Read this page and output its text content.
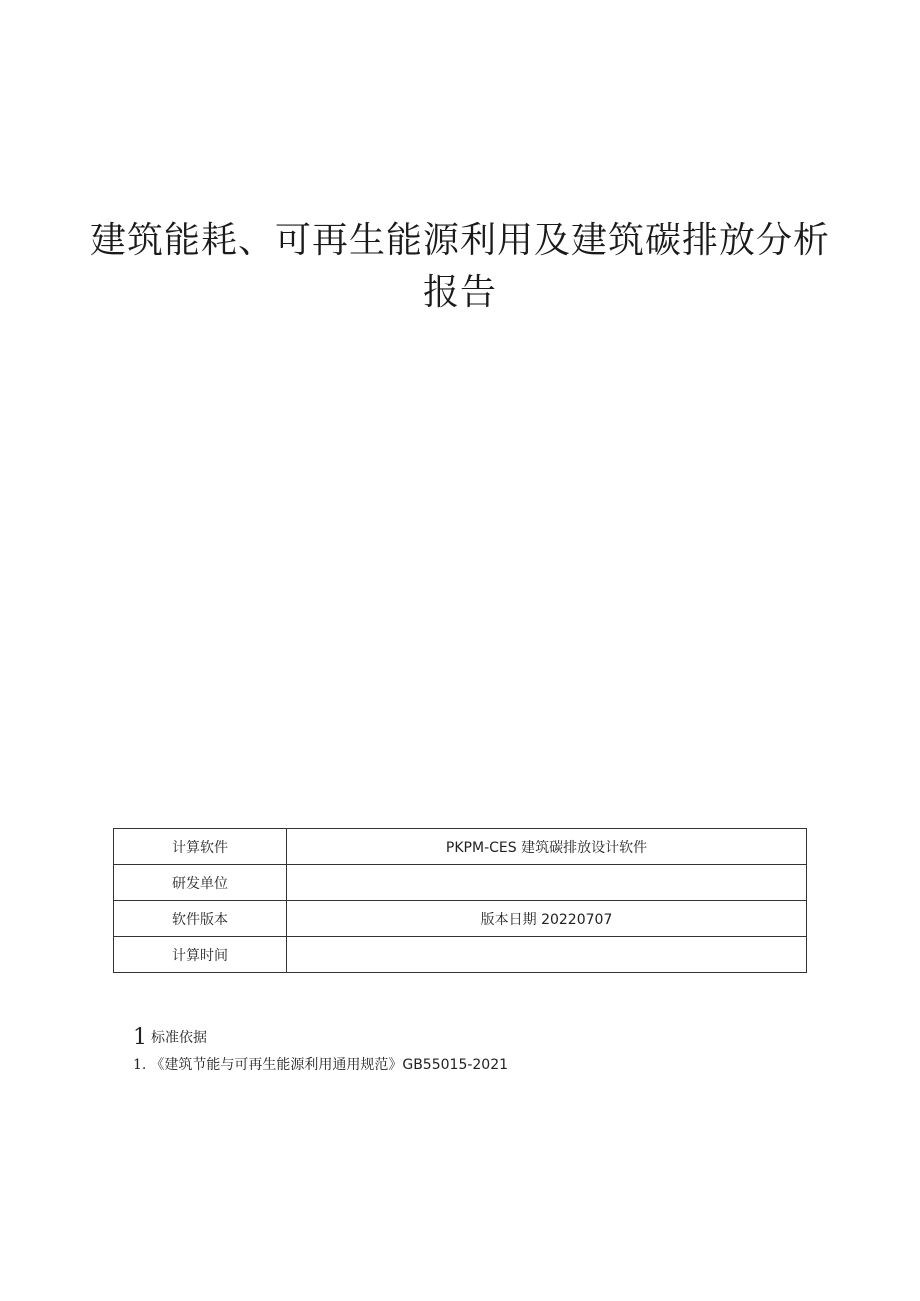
建筑能耗、可再生能源利用及建筑碳排放分析
报告
计算软件	PKPM-CES 建筑碳排放设计软件
研发单位	
软件版本	版本日期 20220707
计算时间	
1 标准依据
1. 《建筑节能与可再生能源利用通用规范》GB55015-2021
